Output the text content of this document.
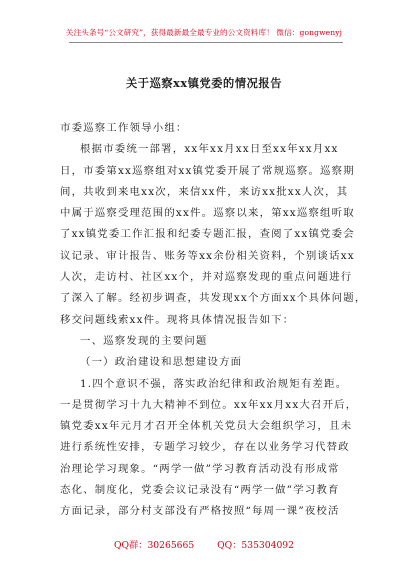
关注头条号“公文研究”，获得最新最全最专业的公文资料库！ 微信：gongwenyj
关于巡察xx镇党委的情况报告
市委巡察工作领导小组：
根据市委统一部署，xx年xx月xx日至xx年xx月xx
日，市委第xx巡察组对xx镇党委开展了常规巡察。巡察期
间，共收到来电xx次，来信xx件，来访xx批xx人次，其
中属于巡察受理范围的xx件。巡察以来，第xx巡察组听取
了xx镇党委工作汇报和纪委专题汇报，查阅了xx镇党委会
议记录、审计报告、账务等xx余份相关资料，个别谈话xx
人次，走访村、社区xx个，并对巡察发现的重点问题进行
了深入了解。经初步调查，共发现xx个方面xx个具体问题，
移交问题线索xx件。现将具体情况报告如下：
一、巡察发现的主要问题
（一）政治建设和思想建设方面
1.四个意识不强，落实政治纪律和政治规矩有差距。
一是贯彻学习十九大精神不到位。xx年xx月xx大召开后，
镇党委xx年元月才召开全体机关党员大会组织学习，且未
进行系统性安排，专题学习较少，存在以业务学习代替政
治理论学习现象。“两学一做”学习教育活动没有形成常
态化、制度化，党委会议记录没有“两学一做”学习教育
方面记录，部分村支部没有严格按照“每周一课”夜校活
QQ群：30265665 QQ：535304092
